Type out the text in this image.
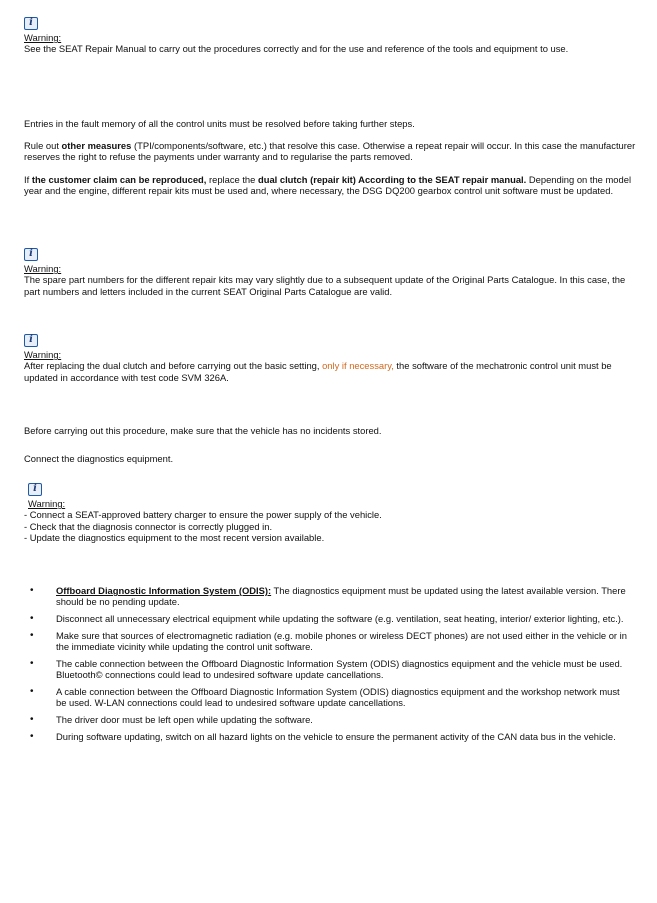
i
Warning:

See the SEAT Repair Manual to carry out the procedures correctly and for the use and reference of the tools and equipment to use.

Entries in the fault memory of all the control units must be resolved before taking further steps.

Rule out other measures (TPI/components/software, etc.) that resolve this case. Otherwise a repeat repair will occur. In this case the manufacturer reserves the right to refuse the payments under warranty and to regularise the parts removed.

If the customer claim can be reproduced, replace the dual clutch (repair kit) According to the SEAT repair manual. Depending on the model year and the engine, different repair kits must be used and, where necessary, the DSG DQ200 gearbox control unit software must be updated.

i
Warning:

The spare part numbers for the different repair kits may vary slightly due to a subsequent update of the Original Parts Catalogue. In this case, the part numbers and letters included in the current SEAT Original Parts Catalogue are valid.

i
Warning:

After replacing the dual clutch and before carrying out the basic setting, only if necessary, the software of the mechatronic control unit must be updated in accordance with test code SVM 326A.

Before carrying out this procedure, make sure that the vehicle has no incidents stored.

Connect the diagnostics equipment.

i
Warning:

- Connect a SEAT-approved battery charger to ensure the power supply of the vehicle.

- Check that the diagnosis connector is correctly plugged in.

- Update the diagnostics equipment to the most recent version available.

• Offboard Diagnostic Information System (ODIS): The diagnostics equipment must be updated using the latest available version. There should be no pending update.
• Disconnect all unnecessary electrical equipment while updating the software (e.g. ventilation, seat heating, interior/ exterior lighting, etc.).
• Make sure that sources of electromagnetic radiation (e.g. mobile phones or wireless DECT phones) are not used either in the vehicle or in the immediate vicinity while updating the control unit software.
• The cable connection between the Offboard Diagnostic Information System (ODIS) diagnostics equipment and the vehicle must be used. Bluetooth© connections could lead to undesired software update cancellations.
• A cable connection between the Offboard Diagnostic Information System (ODIS) diagnostics equipment and the workshop network must be used. W-LAN connections could lead to undesired software update cancellations.
• The driver door must be left open while updating the software.
• During software updating, switch on all hazard lights on the vehicle to ensure the permanent activity of the CAN data bus in the vehicle.
